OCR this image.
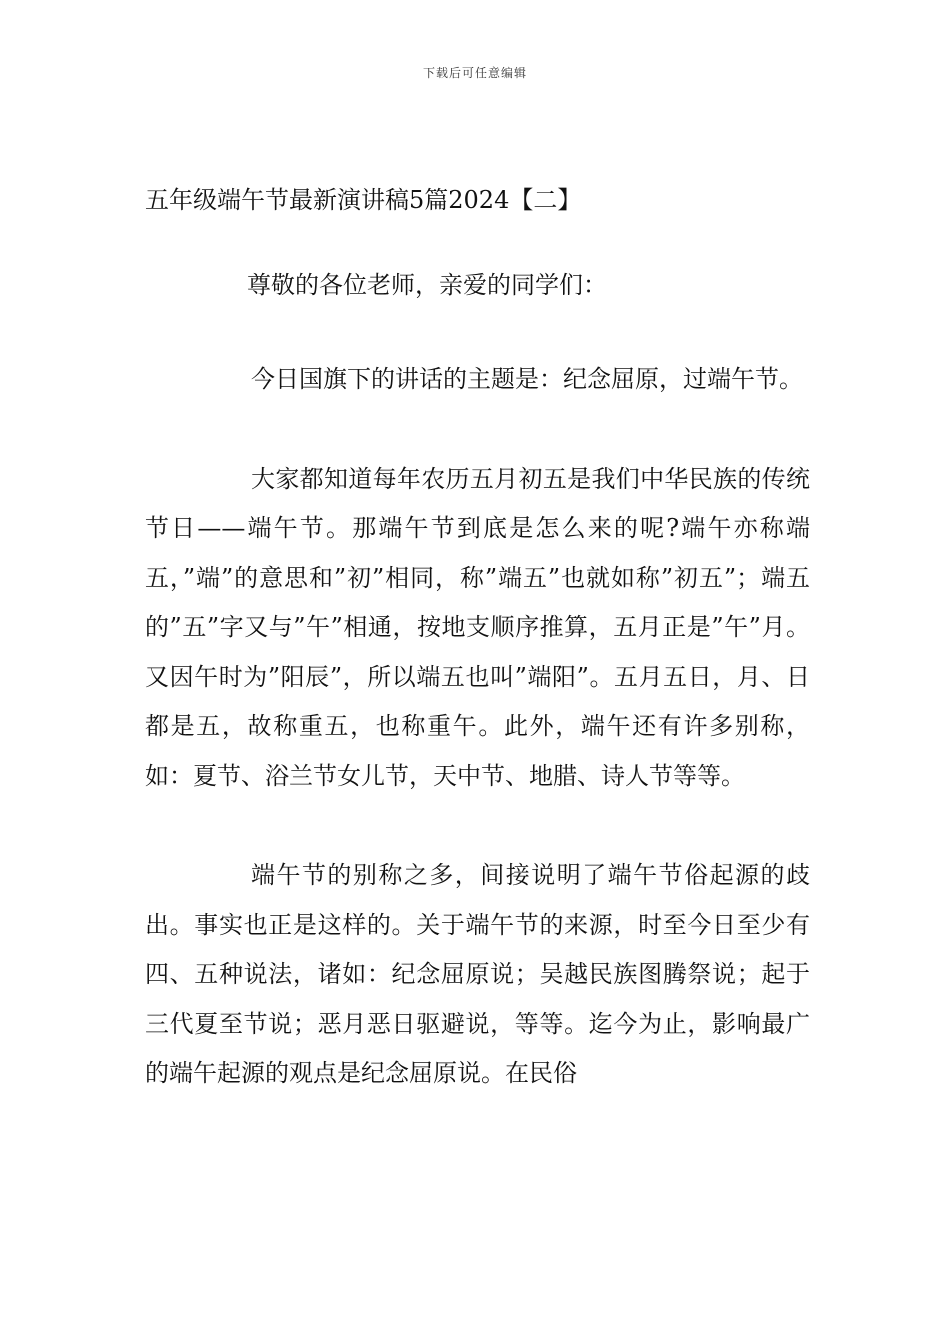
下载后可任意编辑
五年级端午节最新演讲稿5篇2024【二】

尊敬的各位老师，亲爱的同学们：

今日国旗下的讲话的主题是：纪念屈原，过端午节。

大家都知道每年农历五月初五是我们中华民族的传统节日——端午节。那端午节到底是怎么来的呢?端午亦称端五，”端”的意思和”初”相同，称”端五”也就如称”初五”；端五的”五”字又与”午”相通，按地支顺序推算，五月正是”午”月。又因午时为”阳辰”，所以端五也叫”端阳”。五月五日，月、日都是五，故称重五，也称重午。此外，端午还有许多别称，如：夏节、浴兰节女儿节，天中节、地腊、诗人节等等。

端午节的别称之多，间接说明了端午节俗起源的歧出。事实也正是这样的。关于端午节的来源，时至今日至少有四、五种说法，诸如：纪念屈原说；吴越民族图腾祭说；起于三代夏至节说；恶月恶日驱避说，等等。迄今为止，影响最广的端午起源的观点是纪念屈原说。在民俗
